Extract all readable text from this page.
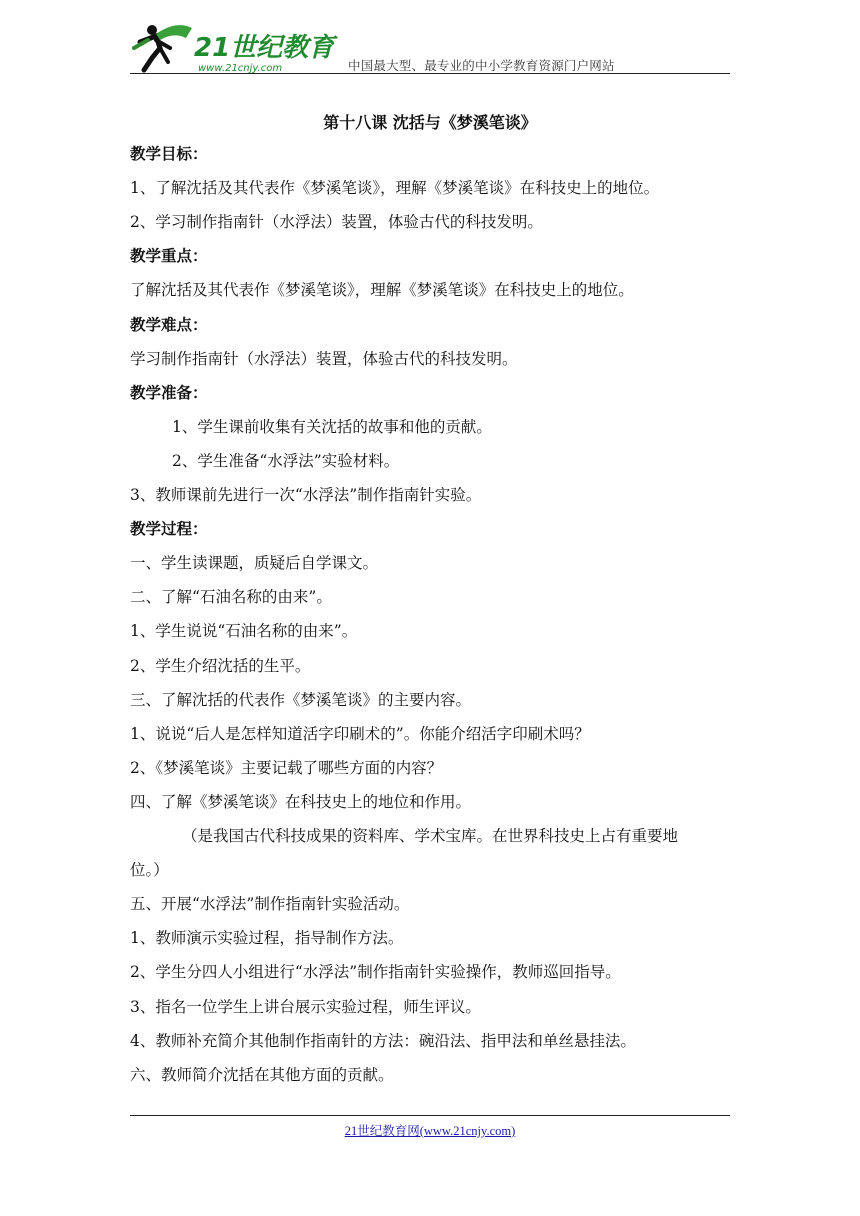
21世纪教育
www.21cnjy.com	中国最大型、最专业的中小学教育资源门户网站
第十八课 沈括与《梦溪笔谈》
教学目标：
1、了解沈括及其代表作《梦溪笔谈》，理解《梦溪笔谈》在科技史上的地位。
2、学习制作指南针（水浮法）装置，体验古代的科技发明。
教学重点：
了解沈括及其代表作《梦溪笔谈》，理解《梦溪笔谈》在科技史上的地位。
教学难点：
学习制作指南针（水浮法）装置，体验古代的科技发明。
教学准备：
1、学生课前收集有关沈括的故事和他的贡献。
2、学生准备“水浮法”实验材料。
3、教师课前先进行一次“水浮法”制作指南针实验。
教学过程：
一、学生读课题，质疑后自学课文。
二、了解“石油名称的由来”。
1、学生说说“石油名称的由来”。
2、学生介绍沈括的生平。
三、了解沈括的代表作《梦溪笔谈》的主要内容。
1、说说“后人是怎样知道活字印刷术的”。你能介绍活字印刷术吗？
2、《梦溪笔谈》主要记载了哪些方面的内容？
四、了解《梦溪笔谈》在科技史上的地位和作用。
（是我国古代科技成果的资料库、学术宝库。在世界科技史上占有重要地
位。）
五、开展“水浮法”制作指南针实验活动。
1、教师演示实验过程，指导制作方法。
2、学生分四人小组进行“水浮法”制作指南针实验操作，教师巡回指导。
3、指名一位学生上讲台展示实验过程，师生评议。
4、教师补充简介其他制作指南针的方法：碗沿法、指甲法和单丝悬挂法。
六、教师简介沈括在其他方面的贡献。
21世纪教育网(www.21cnjy.com)
